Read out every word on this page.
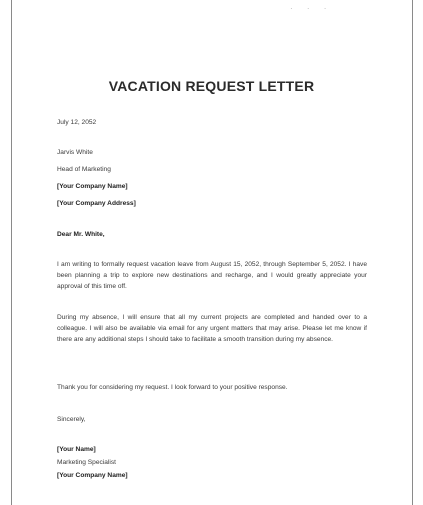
· · ·
VACATION REQUEST LETTER
July 12, 2052
Jarvis White
Head of Marketing
[Your Company Name]
[Your Company Address]
Dear Mr. White,
I am writing to formally request vacation leave from August 15, 2052, through September 5, 2052. I have been planning a trip to explore new destinations and recharge, and I would greatly appreciate your approval of this time off.
During my absence, I will ensure that all my current projects are completed and handed over to a colleague. I will also be available via email for any urgent matters that may arise. Please let me know if there are any additional steps I should take to facilitate a smooth transition during my absence.
Thank you for considering my request. I look forward to your positive response.
Sincerely,
[Your Name]
Marketing Specialist
[Your Company Name]
